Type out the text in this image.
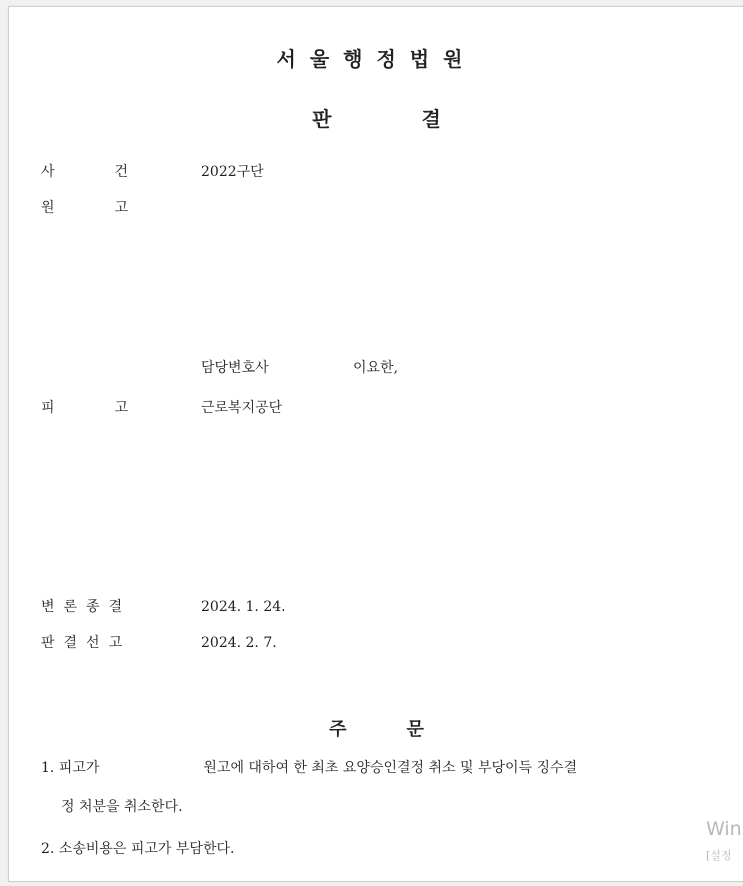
서울행정법원
판결
사건 2022구단
원고
담당변호사	이요한,
피고 근로복지공단
변론종결	2024. 1. 24.
판결선고	2024. 2. 7.
주문
1. 피고가	원고에 대하여 한 최초 요양승인결정 취소 및 부당이득 징수결
정 처분을 취소한다.
2. 소송비용은 피고가 부담한다.
Win
[설정
